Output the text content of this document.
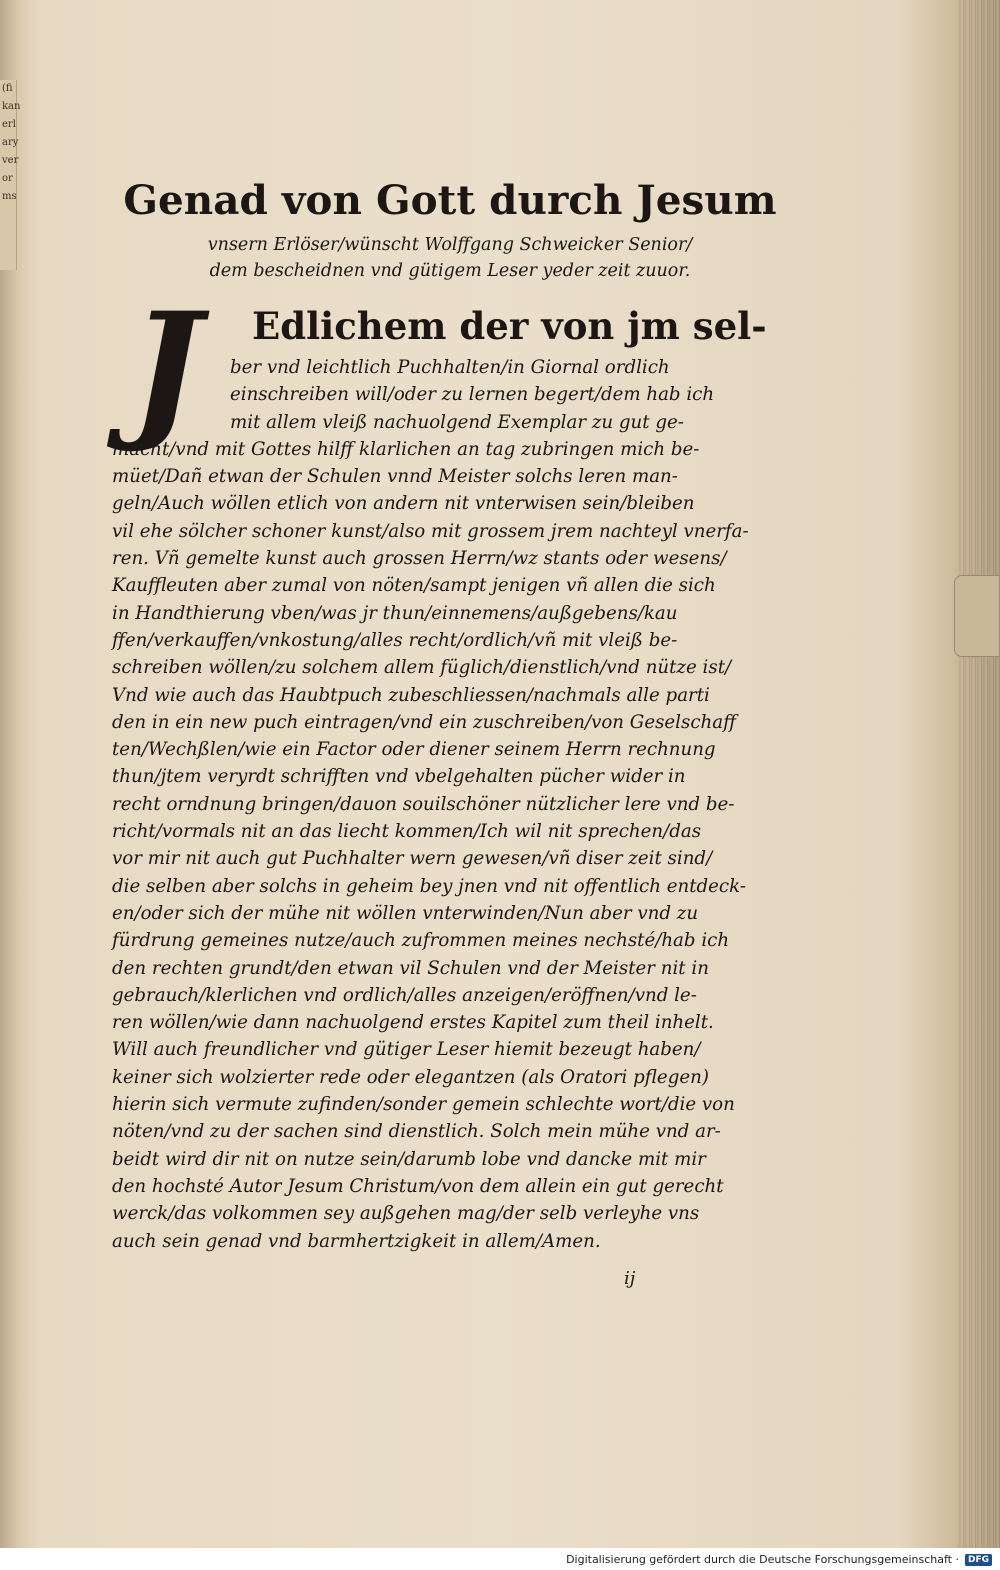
(fi
kan
erl
ary
ver
or
ms	Genad von Gott durch Jesum
vnsern Erlöser/wünscht Wolffgang Schweicker Senior/
dem bescheidnen vnd gütigem Leser yeder zeit zuuor.
J	Edlichem der von jm sel-
ber vnd leichtlich Puchhalten/in Giornal ordlich
einschreiben will/oder zu lernen begert/dem hab ich
mit allem vleiß nachuolgend Exemplar zu gut ge-
macht/vnd mit Gottes hilff klarlichen an tag zubringen mich be-
müet/Dañ etwan der Schulen vnnd Meister solchs leren man-
geln/Auch wöllen etlich von andern nit vnterwisen sein/bleiben
vil ehe sölcher schoner kunst/also mit grossem jrem nachteyl vnerfa-
ren. Vñ gemelte kunst auch grossen Herrn/wz stants oder wesens/
Kauffleuten aber zumal von nöten/sampt jenigen vñ allen die sich
in Handthierung vben/was jr thun/einnemens/außgebens/kau
ffen/verkauffen/vnkostung/alles recht/ordlich/vñ mit vleiß be-
schreiben wöllen/zu solchem allem füglich/dienstlich/vnd nütze ist/
Vnd wie auch das Haubtpuch zubeschliessen/nachmals alle parti
den in ein new puch eintragen/vnd ein zuschreiben/von Geselschaff
ten/Wechßlen/wie ein Factor oder diener seinem Herrn rechnung
thun/jtem veryrdt schrifften vnd vbelgehalten pücher wider in
recht orndnung bringen/dauon souilschöner nützlicher lere vnd be-
richt/vormals nit an das liecht kommen/Ich wil nit sprechen/das
vor mir nit auch gut Puchhalter wern gewesen/vñ diser zeit sind/
die selben aber solchs in geheim bey jnen vnd nit offentlich entdeck-
en/oder sich der mühe nit wöllen vnterwinden/Nun aber vnd zu
fürdrung gemeines nutze/auch zufrommen meines nechsté/hab ich
den rechten grundt/den etwan vil Schulen vnd der Meister nit in
gebrauch/klerlichen vnd ordlich/alles anzeigen/eröffnen/vnd le-
ren wöllen/wie dann nachuolgend erstes Kapitel zum theil inhelt.
Will auch freundlicher vnd gütiger Leser hiemit bezeugt haben/
keiner sich wolzierter rede oder elegantzen (als Oratori pflegen)
hierin sich vermute zufinden/sonder gemein schlechte wort/die von
nöten/vnd zu der sachen sind dienstlich. Solch mein mühe vnd ar-
beidt wird dir nit on nutze sein/darumb lobe vnd dancke mit mir
den hochsté Autor Jesum Christum/von dem allein ein gut gerecht
werck/das volkommen sey außgehen mag/der selb verleyhe vns
auch sein genad vnd barmhertzigkeit in allem/Amen.
ij
Digitalisierung gefördert durch die Deutsche Forschungsgemeinschaft ·	DFG
